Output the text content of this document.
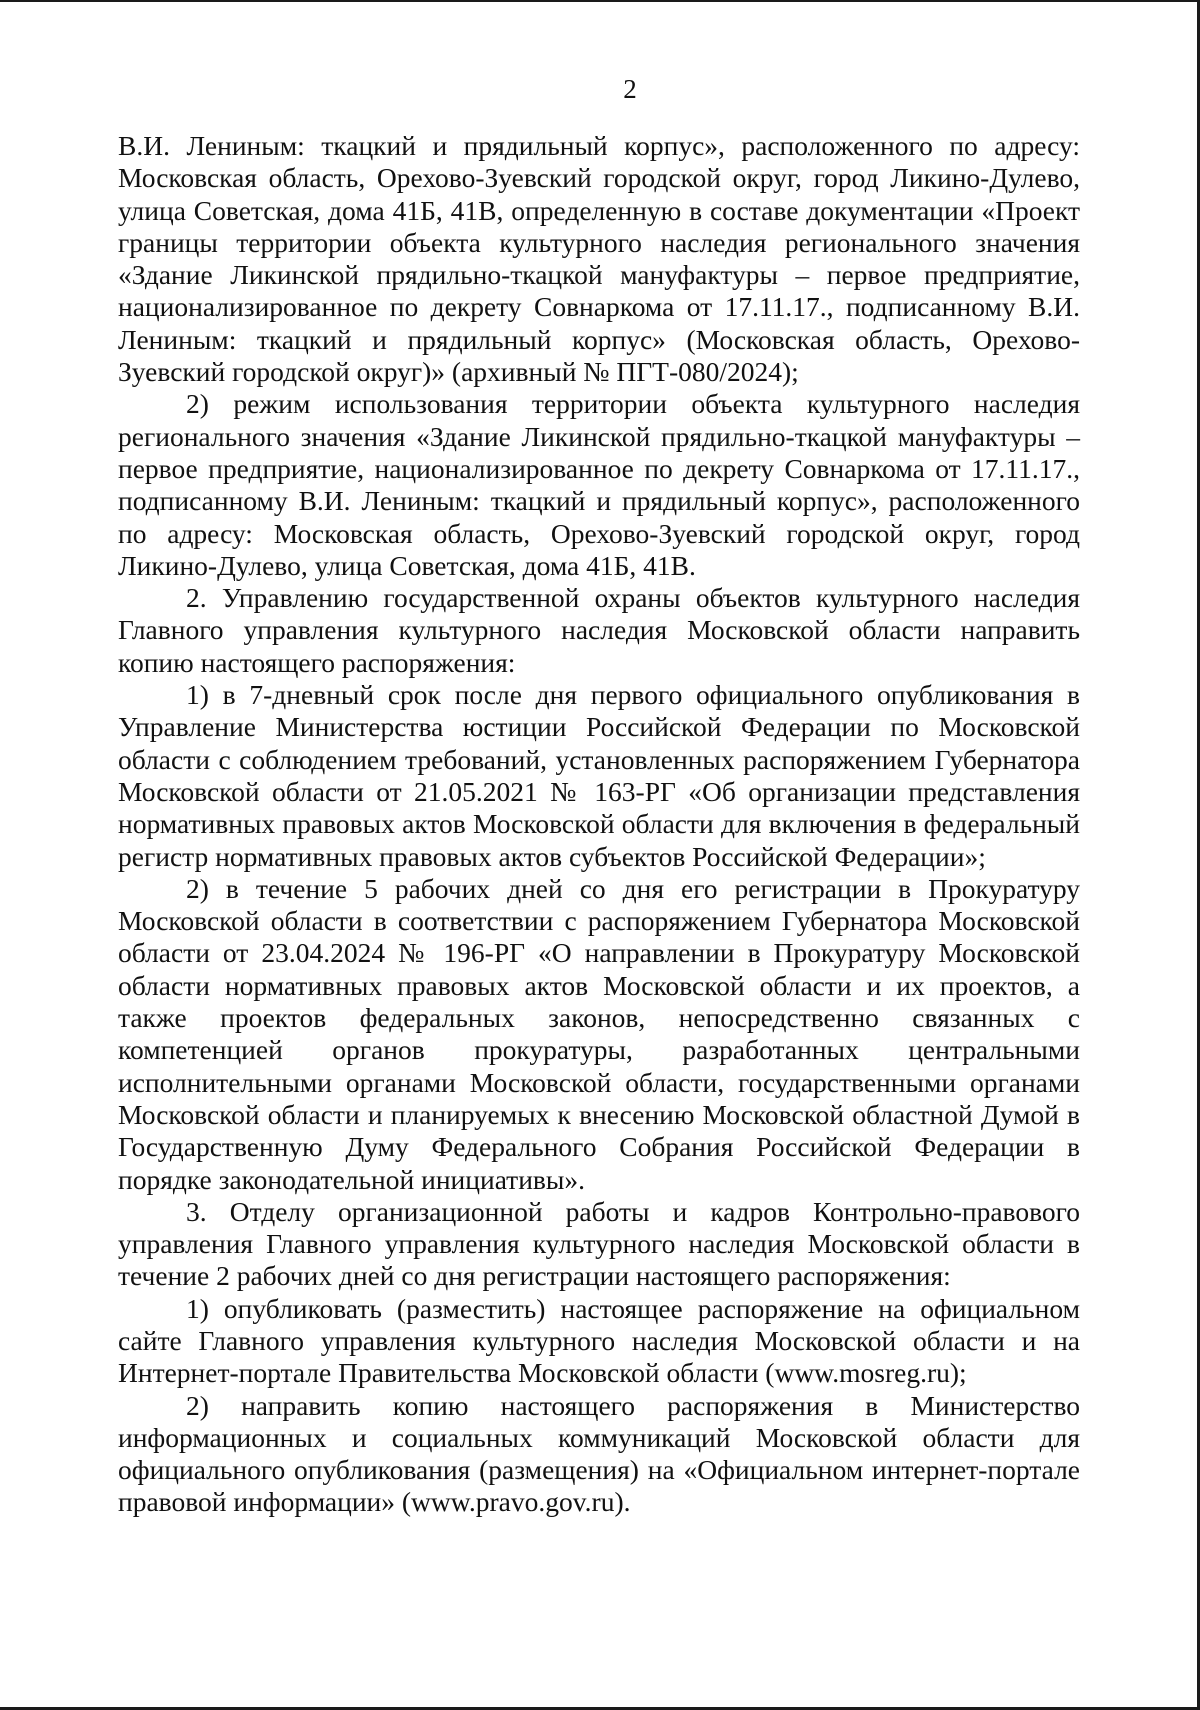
2

В.И. Лениным: ткацкий и прядильный корпус», расположенного по адресу: Московская область, Орехово-Зуевский городской округ, город Ликино-Дулево, улица Советская, дома 41Б, 41В, определенную в составе документации «Проект границы территории объекта культурного наследия регионального значения «Здание Ликинской прядильно-ткацкой мануфактуры – первое предприятие, национализированное по декрету Совнаркома от 17.11.17., подписанному В.И. Лениным: ткацкий и прядильный корпус» (Московская область, Орехово-Зуевский городской округ)» (архивный № ПГТ-080/2024);

2) режим использования территории объекта культурного наследия регионального значения «Здание Ликинской прядильно-ткацкой мануфактуры – первое предприятие, национализированное по декрету Совнаркома от 17.11.17., подписанному В.И. Лениным: ткацкий и прядильный корпус», расположенного по адресу: Московская область, Орехово-Зуевский городской округ, город Ликино-Дулево, улица Советская, дома 41Б, 41В.

2. Управлению государственной охраны объектов культурного наследия Главного управления культурного наследия Московской области направить копию настоящего распоряжения:

1) в 7-дневный срок после дня первого официального опубликования в Управление Министерства юстиции Российской Федерации по Московской области с соблюдением требований, установленных распоряжением Губернатора Московской области от 21.05.2021 № 163-РГ «Об организации представления нормативных правовых актов Московской области для включения в федеральный регистр нормативных правовых актов субъектов Российской Федерации»;

2) в течение 5 рабочих дней со дня его регистрации в Прокуратуру Московской области в соответствии с распоряжением Губернатора Московской области от 23.04.2024 № 196-РГ «О направлении в Прокуратуру Московской области нормативных правовых актов Московской области и их проектов, а также проектов федеральных законов, непосредственно связанных с компетенцией органов прокуратуры, разработанных центральными исполнительными органами Московской области, государственными органами Московской области и планируемых к внесению Московской областной Думой в Государственную Думу Федерального Собрания Российской Федерации в порядке законодательной инициативы».

3. Отделу организационной работы и кадров Контрольно-правового управления Главного управления культурного наследия Московской области в течение 2 рабочих дней со дня регистрации настоящего распоряжения:

1) опубликовать (разместить) настоящее распоряжение на официальном сайте Главного управления культурного наследия Московской области и на Интернет-портале Правительства Московской области (www.mosreg.ru);

2) направить копию настоящего распоряжения в Министерство информационных и социальных коммуникаций Московской области для официального опубликования (размещения) на «Официальном интернет-портале правовой информации» (www.pravo.gov.ru).
